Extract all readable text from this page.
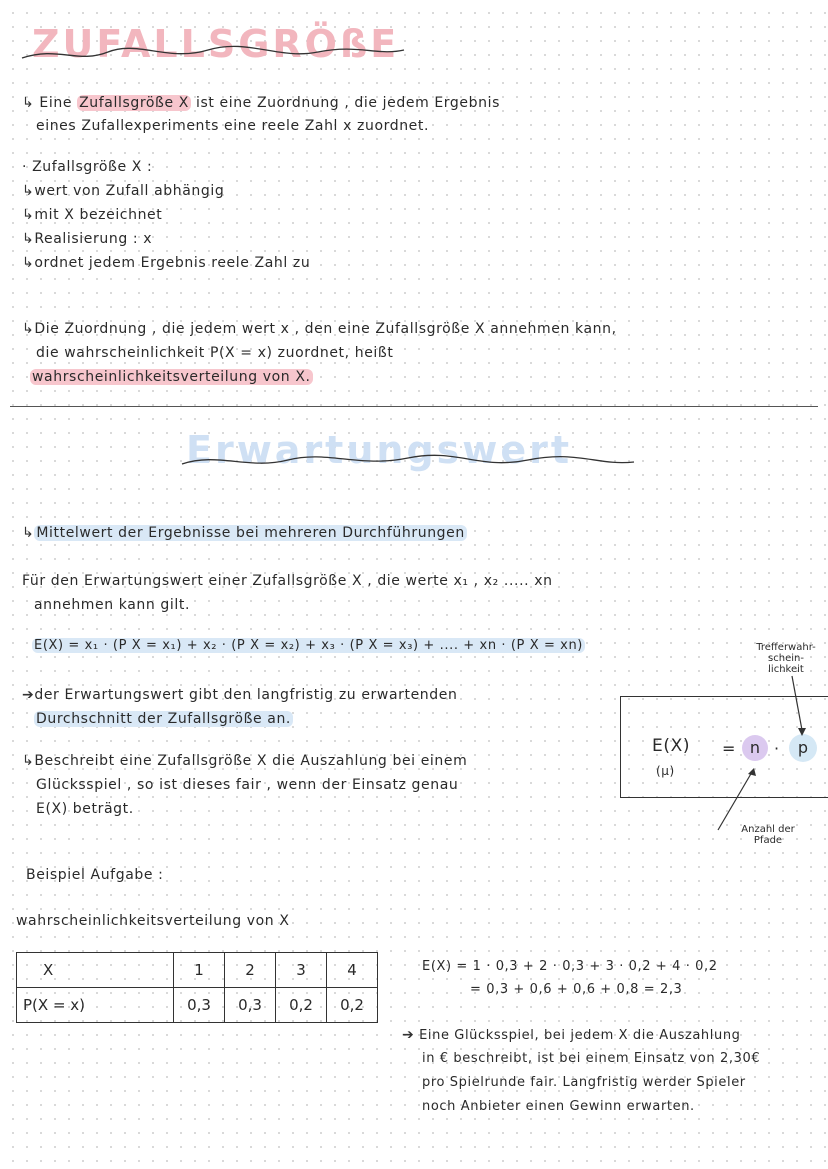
ZUFALLSGRÖßE
↳ Eine Zufallsgröße X ist eine Zuordnung , die jedem Ergebnis
eines Zufallexperiments eine reele Zahl x zuordnet.
· Zufallsgröße X :
↳wert von Zufall abhängig
↳mit X bezeichnet
↳Realisierung : x
↳ordnet jedem Ergebnis reele Zahl zu
↳Die Zuordnung , die jedem wert x , den eine Zufallsgröße X annehmen kann,
die wahrscheinlichkeit P(X = x) zuordnet, heißt
wahrscheinlichkeitsverteilung von X.
Erwartungswert
↳ Mittelwert der Ergebnisse bei mehreren Durchführungen
Für den Erwartungswert einer Zufallsgröße X , die werte x₁ , x₂ ..... xn
annehmen kann gilt.
E(X) = x₁ · (P X = x₁) + x₂ · (P X = x₂) + x₃ · (P X = x₃) + .... + xn · (P X = xn)
➔der Erwartungswert gibt den langfristig zu erwartenden
Durchschnitt der Zufallsgröße an.
↳Beschreibt eine Zufallsgröße X die Auszahlung bei einem
Glücksspiel , so ist dieses fair , wenn der Einsatz genau
E(X) beträgt.
Trefferwahr-
schein-
lichkeit
E(X)
(μ)
= n ·	p
Anzahl der
Pfade
Beispiel Aufgabe :
wahrscheinlichkeitsverteilung von X
X	1	2	3	4
P(X = x)	0,3	0,3	0,2	0,2
E(X) = 1 · 0,3 + 2 · 0,3 + 3 · 0,2 + 4 · 0,2
= 0,3 + 0,6 + 0,6 + 0,8 = 2,3
➔ Eine Glücksspiel, bei jedem X die Auszahlung
in € beschreibt, ist bei einem Einsatz von 2,30€
pro Spielrunde fair. Langfristig werder Spieler
noch Anbieter einen Gewinn erwarten.
